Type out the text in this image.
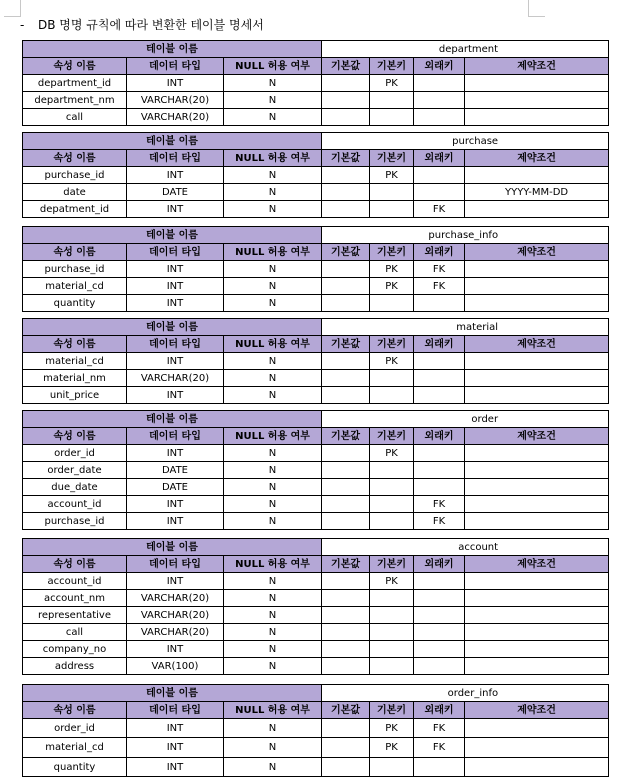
- DB 명명 규칙에 따라 변환한 테이블 명세서
테이블 이름			department			
속성 이름	데이터 타입	NULL 허용 여부	기본값	기본키	외래키	제약조건
department_id	INT	N		PK		
department_nm	VARCHAR(20)	N				
call	VARCHAR(20)	N				
테이블 이름			purchase			
속성 이름	데이터 타입	NULL 허용 여부	기본값	기본키	외래키	제약조건
purchase_id	INT	N		PK		
date	DATE	N				YYYY-MM-DD
depatment_id	INT	N			FK	
테이블 이름			purchase_info			
속성 이름	데이터 타입	NULL 허용 여부	기본값	기본키	외래키	제약조건
purchase_id	INT	N		PK	FK	
material_cd	INT	N		PK	FK	
quantity	INT	N				
테이블 이름			material			
속성 이름	데이터 타입	NULL 허용 여부	기본값	기본키	외래키	제약조건
material_cd	INT	N		PK		
material_nm	VARCHAR(20)	N				
unit_price	INT	N				
테이블 이름			order			
속성 이름	데이터 타입	NULL 허용 여부	기본값	기본키	외래키	제약조건
order_id	INT	N		PK		
order_date	DATE	N				
due_date	DATE	N				
account_id	INT	N			FK	
purchase_id	INT	N			FK	
테이블 이름			account			
속성 이름	데이터 타입	NULL 허용 여부	기본값	기본키	외래키	제약조건
account_id	INT	N		PK		
account_nm	VARCHAR(20)	N				
representative	VARCHAR(20)	N				
call	VARCHAR(20)	N				
company_no	INT	N				
address	VAR(100)	N				
테이블 이름			order_info			
속성 이름	데이터 타입	NULL 허용 여부	기본값	기본키	외래키	제약조건
order_id	INT	N		PK	FK	
material_cd	INT	N		PK	FK	
quantity	INT	N				
